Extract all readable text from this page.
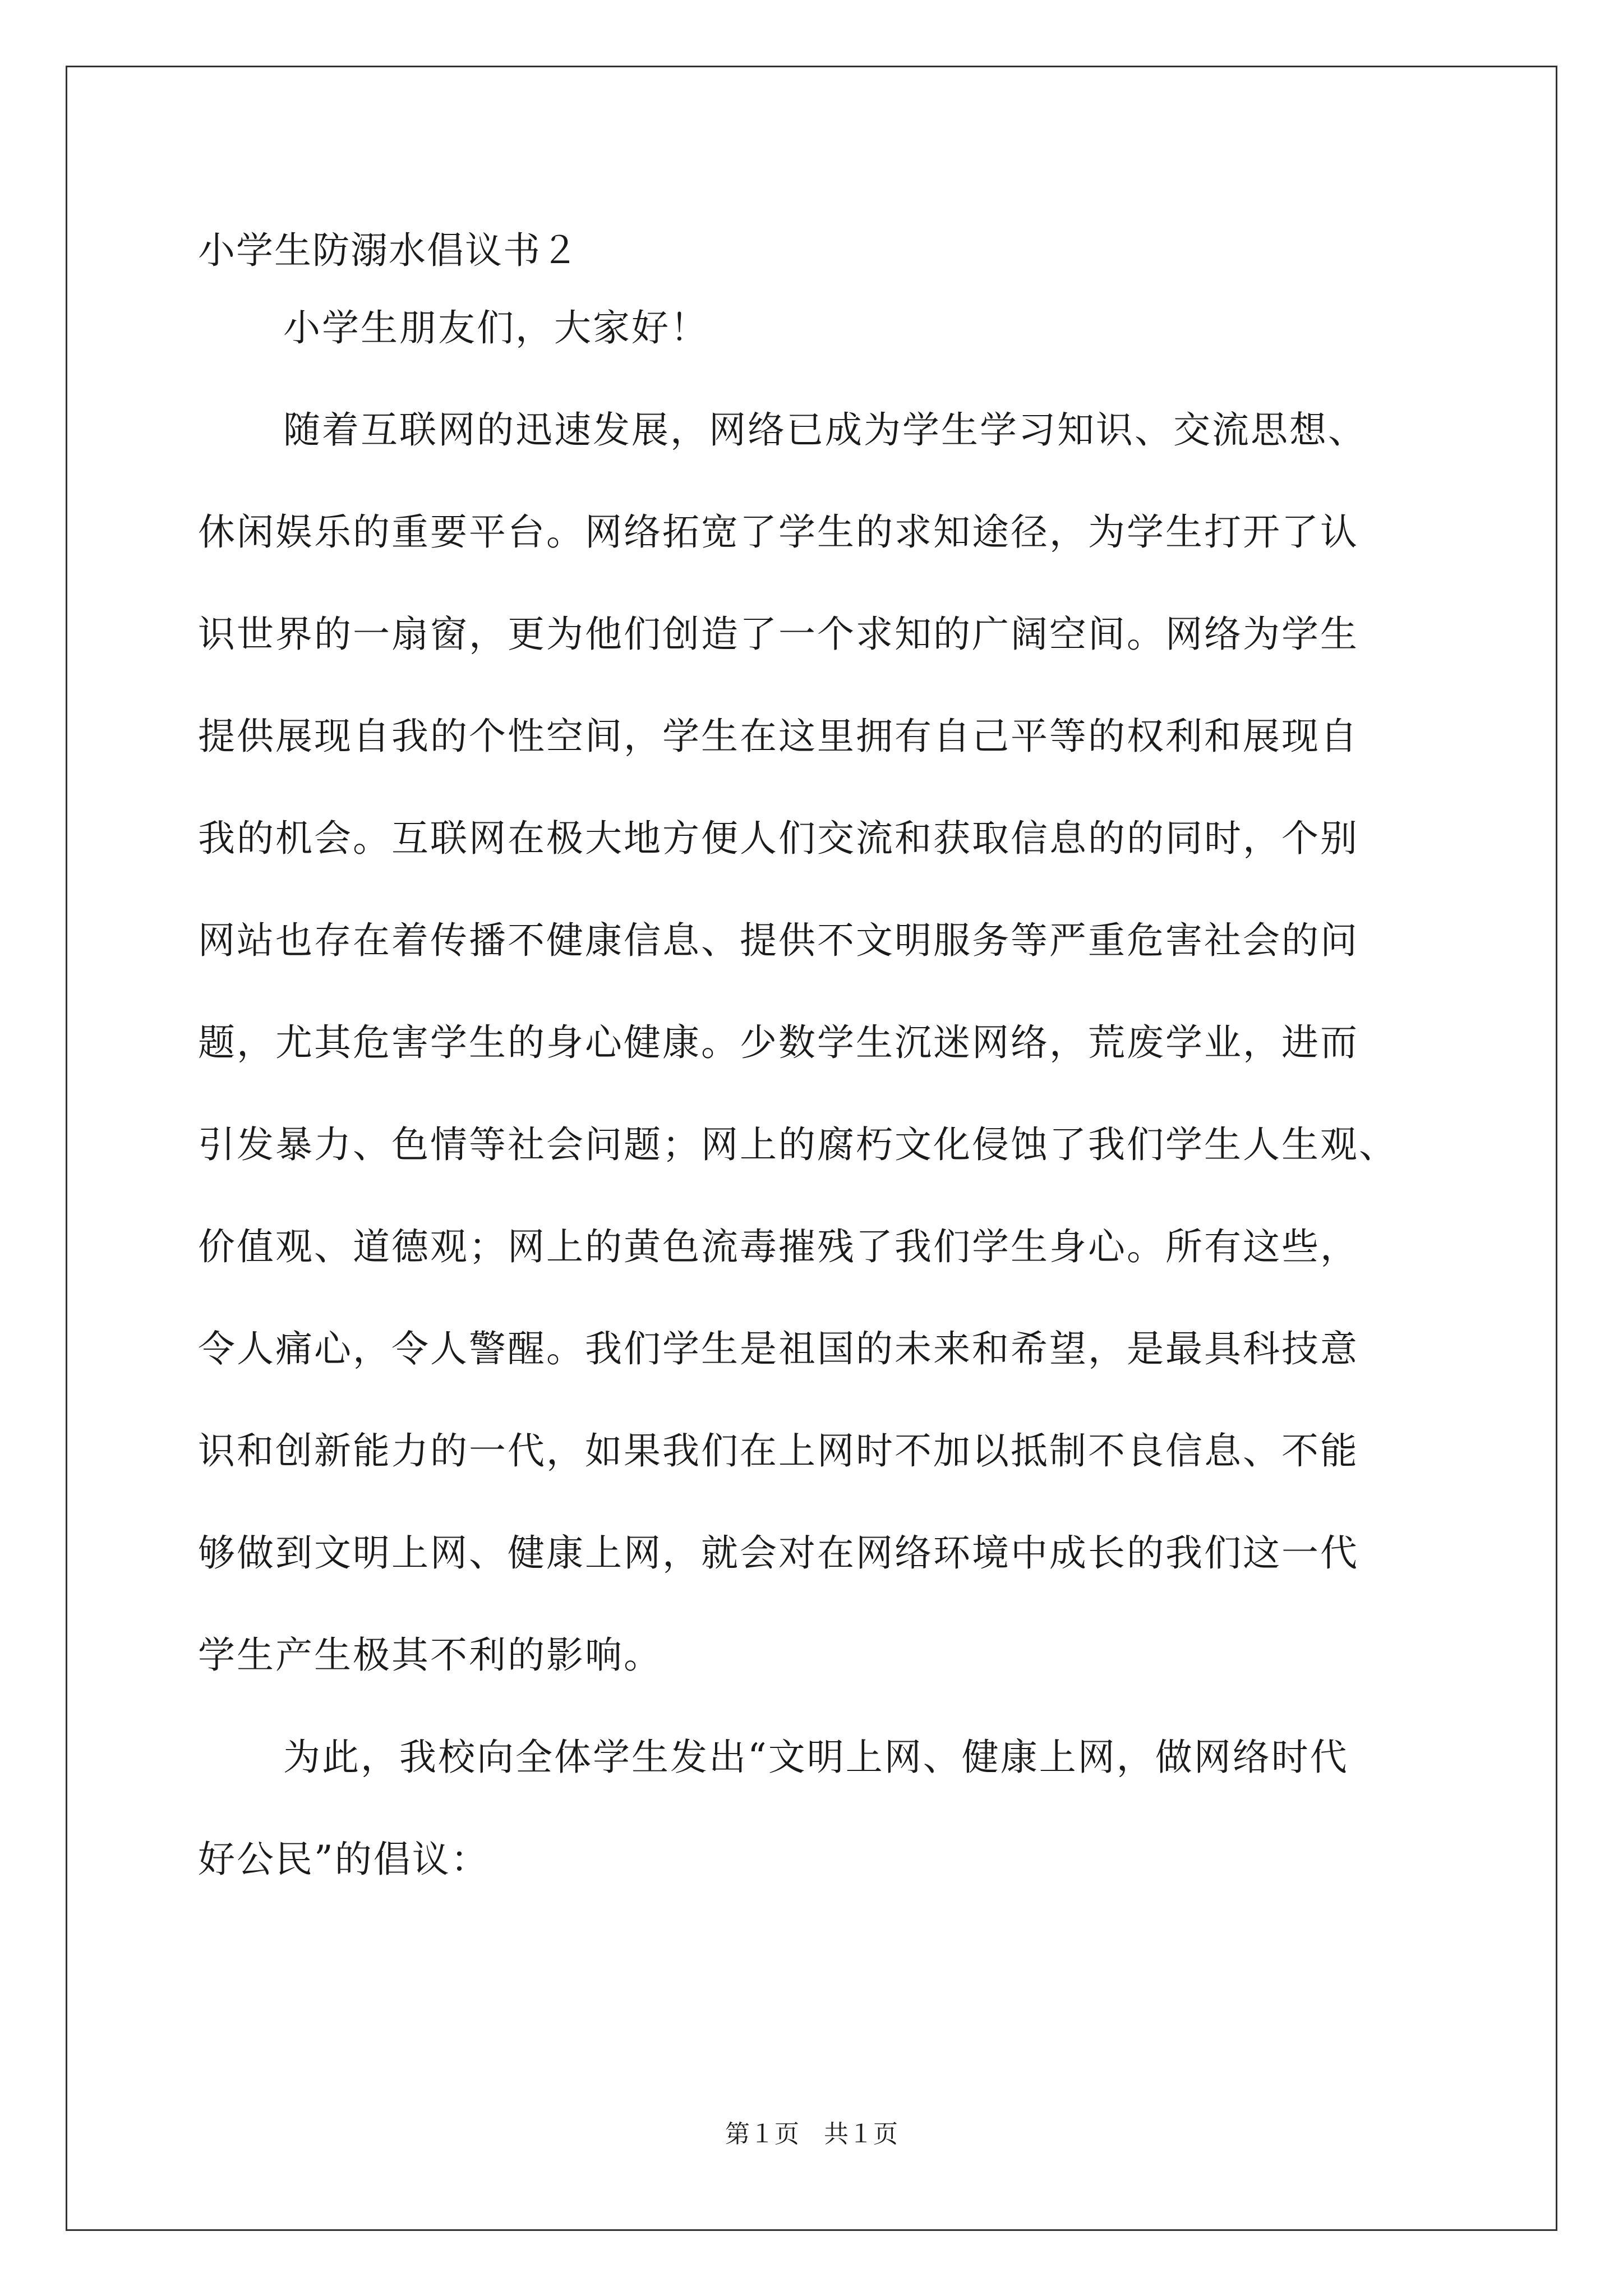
小学生防溺水倡议书２
小学生朋友们，大家好！
随着互联网的迅速发展，网络已成为学生学习知识、交流思想、
休闲娱乐的重要平台。网络拓宽了学生的求知途径，为学生打开了认
识世界的一扇窗，更为他们创造了一个求知的广阔空间。网络为学生
提供展现自我的个性空间，学生在这里拥有自己平等的权利和展现自
我的机会。互联网在极大地方便人们交流和获取信息的的同时，个别
网站也存在着传播不健康信息、提供不文明服务等严重危害社会的问
题，尤其危害学生的身心健康。少数学生沉迷网络，荒废学业，进而
引发暴力、色情等社会问题；网上的腐朽文化侵蚀了我们学生人生观、
价值观、道德观；网上的黄色流毒摧残了我们学生身心。所有这些，
令人痛心，令人警醒。我们学生是祖国的未来和希望，是最具科技意
识和创新能力的一代，如果我们在上网时不加以抵制不良信息、不能
够做到文明上网、健康上网，就会对在网络环境中成长的我们这一代
学生产生极其不利的影响。
为此，我校向全体学生发出“文明上网、健康上网，做网络时代
好公民”的倡议：
第１页　共１页
